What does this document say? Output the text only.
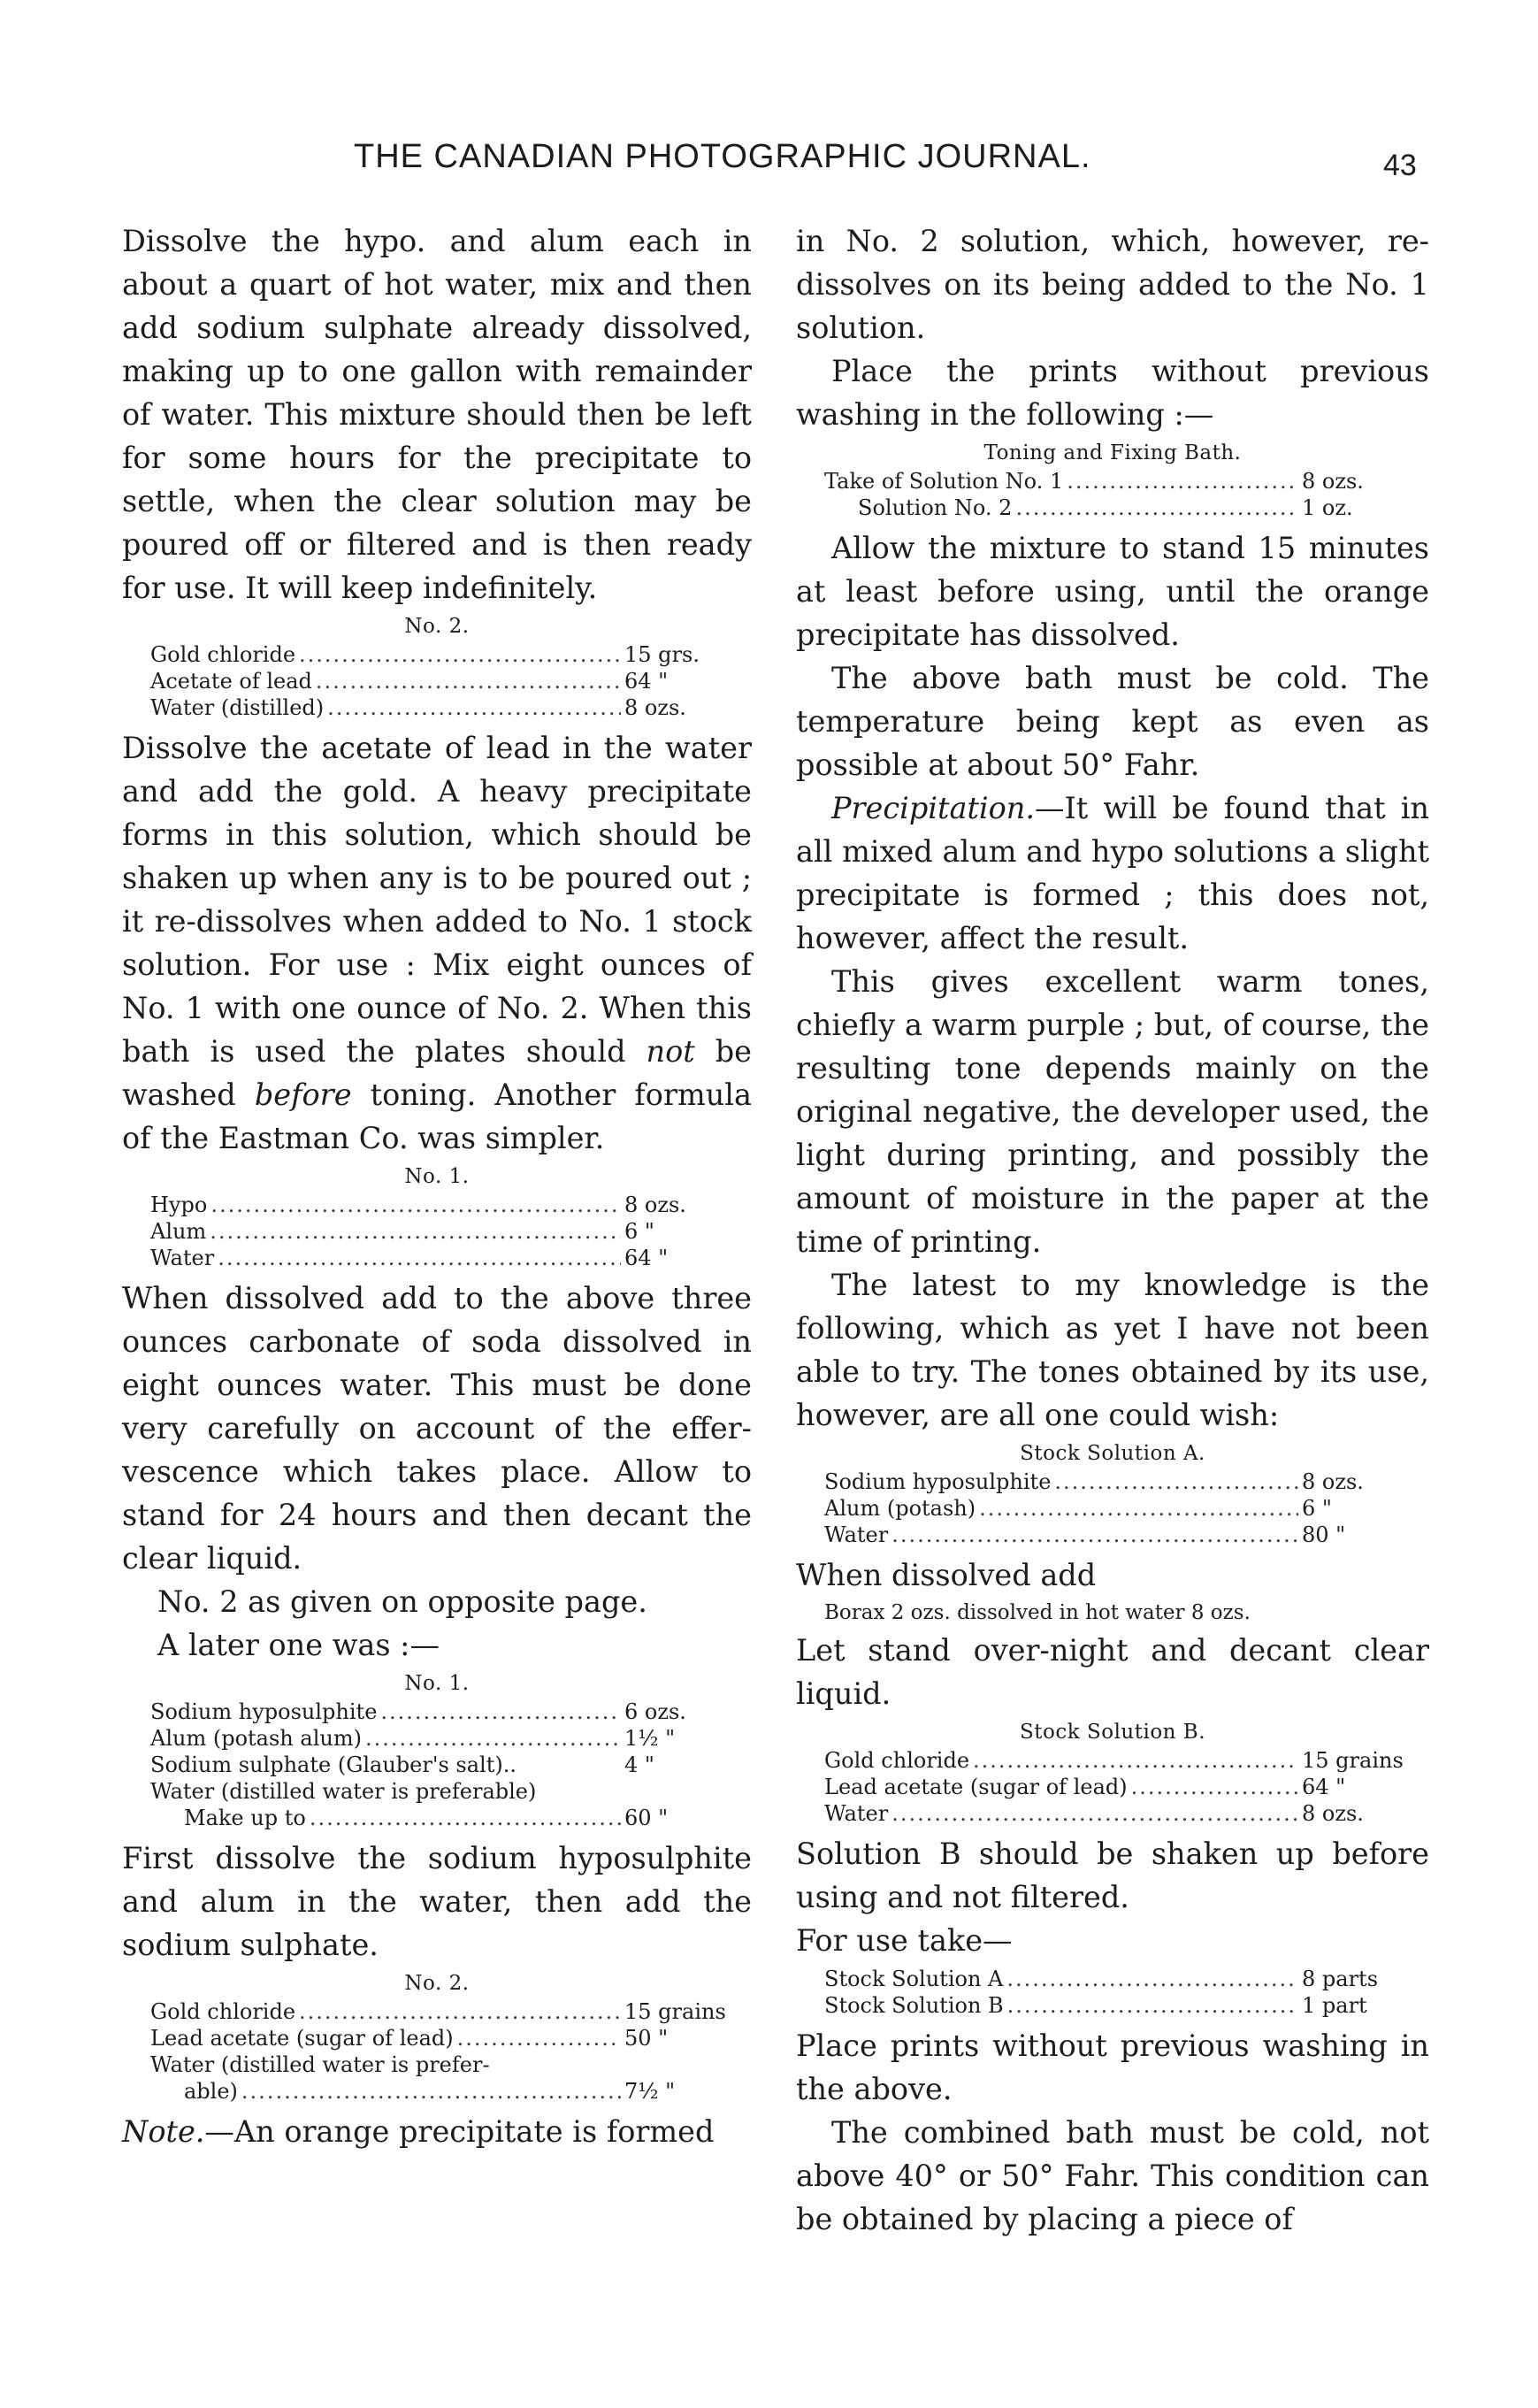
THE CANADIAN PHOTOGRAPHIC JOURNAL.	43

Dissolve the hypo. and alum each in about a quart of hot water, mix and then add sodium sulphate already dissolved, making up to one gallon with remainder of water. This mixture should then be left for some hours for the precipitate to settle, when the clear solution may be poured off or filtered and is then ready for use. It will keep indefinitely.

No. 2.
Gold chloride .....	15 grs.
Acetate of lead .....	64 "
Water (distilled) .....	8 ozs.

Dissolve the acetate of lead in the water and add the gold. A heavy precipitate forms in this solution, which should be shaken up when any is to be poured out ; it re-dissolves when added to No. 1 stock solution. For use : Mix eight ounces of No. 1 with one ounce of No. 2. When this bath is used the plates should not be washed before toning. Another formula of the Eastman Co. was simpler.

No. 1.
Hypo .....	8 ozs.
Alum .....	6 "
Water .....	64 "

When dissolved add to the above three ounces carbonate of soda dissolved in eight ounces water. This must be done very carefully on account of the effervescence which takes place. Allow to stand for 24 hours and then decant the clear liquid.

No. 2 as given on opposite page.

A later one was :—

No. 1.
Sodium hyposulphite .....	6 ozs.
Alum (potash alum) .....	1½ "
Sodium sulphate (Glauber's salt)..	4 "
Water (distilled water is preferable)
Make up to .....	60 "

First dissolve the sodium hyposulphite and alum in the water, then add the sodium sulphate.

No. 2.
Gold chloride .....	15 grains
Lead acetate (sugar of lead) .....	50 "
Water (distilled water is prefer-
able) .....	7½ "

Note.—An orange precipitate is formed

in No. 2 solution, which, however, redissolves on its being added to the No. 1 solution.

Place the prints without previous washing in the following :—

Toning and Fixing Bath.
Take of Solution No. 1 .....	8 ozs.
Solution No. 2 .....	1 oz.

Allow the mixture to stand 15 minutes at least before using, until the orange precipitate has dissolved.

The above bath must be cold. The temperature being kept as even as possible at about 50° Fahr.

Precipitation.—It will be found that in all mixed alum and hypo solutions a slight precipitate is formed ; this does not, however, affect the result.

This gives excellent warm tones, chiefly a warm purple ; but, of course, the resulting tone depends mainly on the original negative, the developer used, the light during printing, and possibly the amount of moisture in the paper at the time of printing.

The latest to my knowledge is the following, which as yet I have not been able to try. The tones obtained by its use, however, are all one could wish:

Stock Solution A.
Sodium hyposulphite .....	8 ozs.
Alum (potash) .....	6 "
Water .....	80 "

When dissolved add

Borax 2 ozs. dissolved in hot water 8 ozs.

Let stand over-night and decant clear liquid.

Stock Solution B.
Gold chloride .....	15 grains
Lead acetate (sugar of lead) .....	64 "
Water .....	8 ozs.

Solution B should be shaken up before using and not filtered.

For use take—

Stock Solution A .....	8 parts
Stock Solution B .....	1 part

Place prints without previous washing in the above.

The combined bath must be cold, not above 40° or 50° Fahr. This condition can be obtained by placing a piece of
